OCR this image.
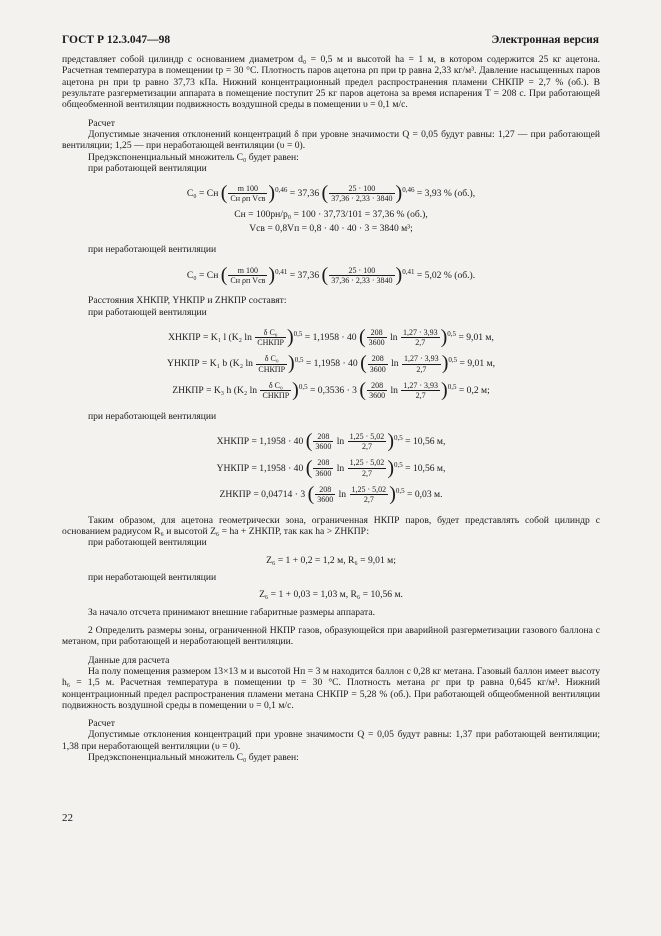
ГОСТ Р 12.3.047—98	Электронная версия

представляет собой цилиндр с основанием диаметром d₀ = 0,5 м и высотой hа = 1 м, в котором содержится 25 кг ацетона. Расчетная температура в помещении tр = 30 °С. Плотность паров ацетона ρп при tр равна 2,33 кг/м³. Давление насыщенных паров ацетона pн при tр равно 37,73 кПа. Нижний концентрационный предел распространения пламени CНКПР = 2,7 % (об.). В результате разгерметизации аппарата в помещение поступит 25 кг паров ацетона за время испарения T = 208 с. При работающей общеобменной вентиляции подвижность воздушной среды в помещении υ = 0,1 м/с.

Расчет

Допустимые значения отклонений концентраций δ при уровне значимости Q = 0,05 будут равны: 1,27 — при работающей вентиляции; 1,25 — при неработающей вентиляции (υ = 0).

Предэкспоненциальный множитель C₀ будет равен:

при работающей вентиляции

C₀ = Cн ( $\frac{m 100}{\text{Cн ρп Vсв}} )^{0,46} = 37,36$ ( $\frac{25 \cdot 100}{37,36 \cdot 2,33 \cdot 3840} )^{0,46} = 3,93$ % (об.),
Cн = 100pн/p₀ = 100 · 37,73/101 = 37,36 % (об.),
Vсв = 0,8Vп = 0,8 · 40 · 40 · 3 = 3840 м³;

при неработающей вентиляции

C₀ = Cн ( $\frac{m 100}{\text{Cн ρп Vсв}} )^{0,41} = 37,36$ ( $\frac{25 \cdot 100}{37,36 \cdot 2,33 \cdot 3840} )^{0,41} = 5,02$ % (об.).

Расстояния XНКПР, YНКПР и ZНКПР составят:

при работающей вентиляции

XНКПР = K₁ l (K₂ $\ln \frac{\text{δ C₀}}{\text{CНКПР}} )^{0,5} = 1,1958 \cdot 40$ ( $\frac{208}{3600}$ $\ln \frac{1,27 \cdot 3,93}{2,7} )^{0,5} = 9,01$ м,
YНКПР = K₁ b (K₂ $\ln \frac{\text{δ C₀}}{\text{CНКПР}} )^{0,5} = 1,1958 \cdot 40$ ( $\frac{208}{3600}$ $\ln \frac{1,27 \cdot 3,93}{2,7} )^{0,5} = 9,01$ м,
ZНКПР = K₃ h (K₂ $\ln \frac{\text{δ C₀}}{\text{CНКПР}} )^{0,5} = 0,3536 \cdot 3$ ( $\frac{208}{3600}$ $\ln \frac{1,27 \cdot 3,93}{2,7} )^{0,5} = 0,2$ м;

при неработающей вентиляции

XНКПР = 1,1958 · 40 ( $\frac{208}{3600}$ $\ln \frac{1,25 \cdot 5,02}{2,7} )^{0,5} = 10,56$ м,
YНКПР = 1,1958 · 40 ( $\frac{208}{3600}$ $\ln \frac{1,25 \cdot 5,02}{2,7} )^{0,5} = 10,56$ м,
ZНКПР = 0,04714 · 3 ( $\frac{208}{3600}$ $\ln \frac{1,25 \cdot 5,02}{2,7} )^{0,5} = 0,03$ м.

Таким образом, для ацетона геометрически зона, ограниченная НКПР паров, будет представлять собой цилиндр с основанием радиусом R₆ и высотой Z₆ = hа + ZНКПР, так как hа > ZНКПР:

при работающей вентиляции

Z₆ = 1 + 0,2 = 1,2 м, R₆ = 9,01 м;

при неработающей вентиляции

Z₆ = 1 + 0,03 = 1,03 м, R₆ = 10,56 м.

За начало отсчета принимают внешние габаритные размеры аппарата.

2 Определить размеры зоны, ограниченной НКПР газов, образующейся при аварийной разгерметизации газового баллона с метаном, при работающей и неработающей вентиляции.

Данные для расчета

На полу помещения размером 13×13 м и высотой Hп = 3 м находится баллон с 0,28 кг метана. Газовый баллон имеет высоту h₆ = 1,5 м. Расчетная температура в помещении tр = 30 °С. Плотность метана ρг при tр равна 0,645 кг/м³. Нижний концентрационный предел распространения пламени метана CНКПР = 5,28 % (об.). При работающей общеобменной вентиляции подвижность воздушной среды в помещении υ = 0,1 м/с.

Расчет

Допустимые отклонения концентраций при уровне значимости Q = 0,05 будут равны: 1,37 при работающей вентиляции; 1,38 при неработающей вентиляции (υ = 0).

Предэкспоненциальный множитель C₀ будет равен:

22
